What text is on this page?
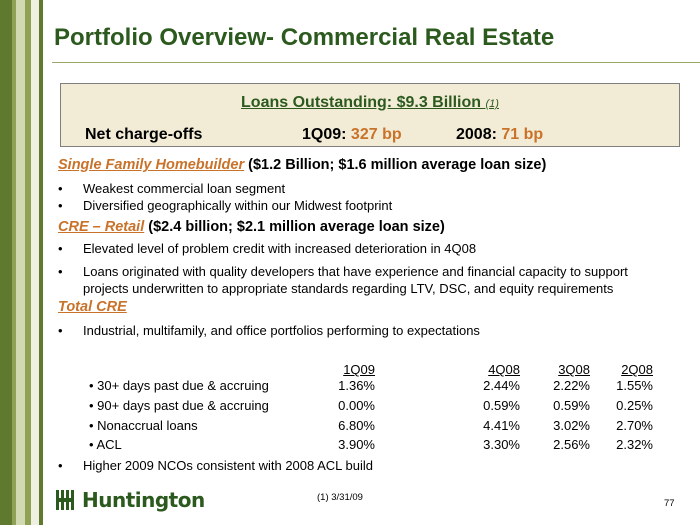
Portfolio Overview- Commercial Real Estate
Loans Outstanding: $9.3 Billion (1)
Net charge-offs	1Q09: 327 bp	2008: 71 bp
Single Family Homebuilder ($1.2 Billion; $1.6 million average loan size)
• Weakest commercial loan segment
• Diversified geographically within our Midwest footprint
CRE – Retail ($2.4 billion; $2.1 million average loan size)
• Elevated level of problem credit with increased deterioration in 4Q08
• Loans originated with quality developers that have experience and financial capacity to support
projects underwritten to appropriate standards regarding LTV, DSC, and equity requirements
Total CRE
• Industrial, multifamily, and office portfolios performing to expectations
1Q09	4Q08	3Q08	2Q08
• 30+ days past due & accruing	1.36%	2.44%	2.22%	1.55%
• 90+ days past due & accruing	0.00%	0.59%	0.59%	0.25%
• Nonaccrual loans	6.80%	4.41%	3.02%	2.70%
• ACL	3.90%	3.30%	2.56%	2.32%
• Higher 2009 NCOs consistent with 2008 ACL build
Huntington	(1) 3/31/09
77
